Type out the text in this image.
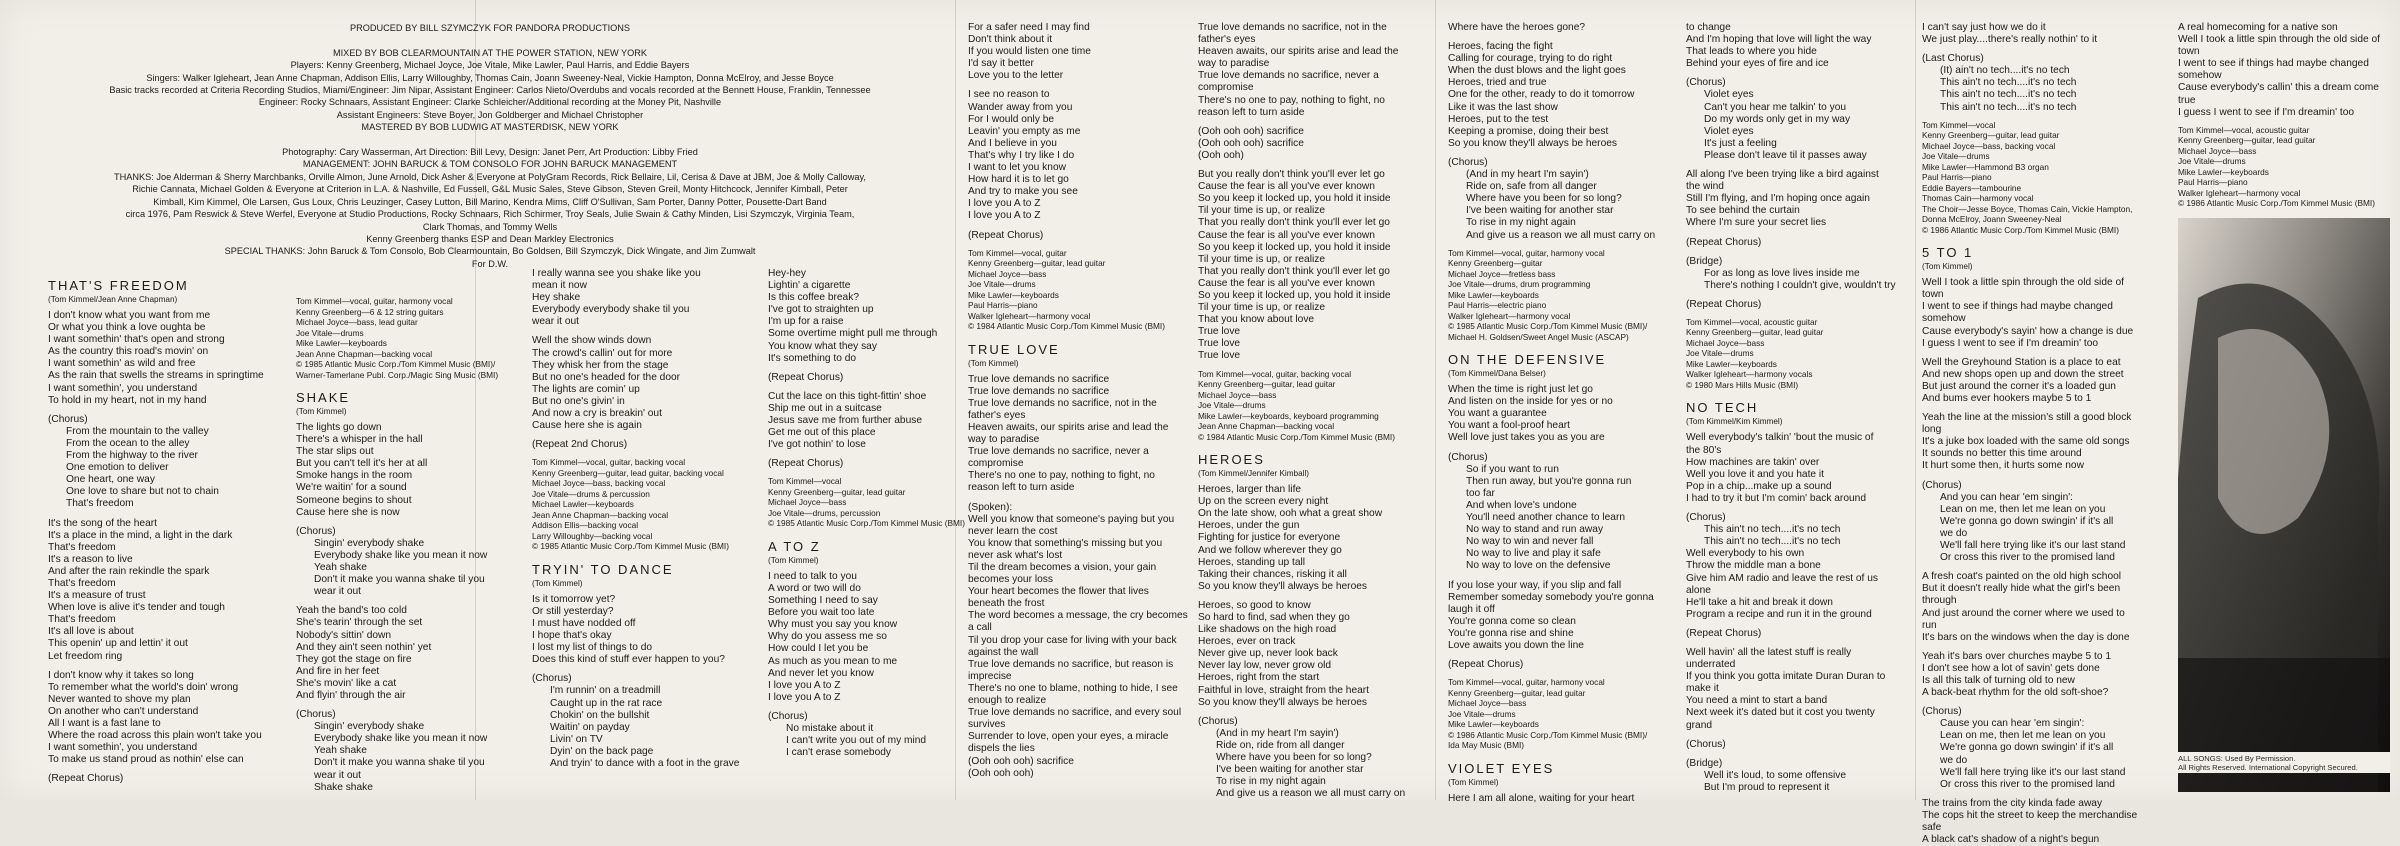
PRODUCED BY BILL SZYMCZYK FOR PANDORA PRODUCTIONS

MIXED BY BOB CLEARMOUNTAIN AT THE POWER STATION, NEW YORK
Players: Kenny Greenberg, Michael Joyce, Joe Vitale, Mike Lawler, Paul Harris, and Eddie Bayers
Singers: Walker Igleheart, Jean Anne Chapman, Addison Ellis, Larry Willoughby, Thomas Cain, Joann Sweeney-Neal, Vickie Hampton, Donna McElroy, and Jesse Boyce
Basic tracks recorded at Criteria Recording Studios, Miami/Engineer: Jim Nipar, Assistant Engineer: Carlos Nieto/Overdubs and vocals recorded at the Bennett House, Franklin, Tennessee
Engineer: Rocky Schnaars, Assistant Engineer: Clarke Schleicher/Additional recording at the Money Pit, Nashville
Assistant Engineers: Steve Boyer, Jon Goldberger and Michael Christopher
MASTERED BY BOB LUDWIG AT MASTERDISK, NEW YORK

Photography: Cary Wasserman, Art Direction: Bill Levy, Design: Janet Perr, Art Production: Libby Fried
MANAGEMENT: JOHN BARUCK & TOM CONSOLO FOR JOHN BARUCK MANAGEMENT
THANKS: Joe Alderman & Sherry Marchbanks, Orville Almon, June Arnold, Dick Asher & Everyone at PolyGram Records, Rick Bellaire, Lil, Cerisa & Dave at JBM, Joe & Molly Calloway,
Richie Cannata, Michael Golden & Everyone at Criterion in L.A. & Nashville, Ed Fussell, G&L Music Sales, Steve Gibson, Steven Greil, Monty Hitchcock, Jennifer Kimball, Peter
Kimball, Kim Kimmel, Ole Larsen, Gus Loux, Chris Leuzinger, Casey Lutton, Bill Marino, Kendra Mims, Cliff O'Sullivan, Sam Porter, Danny Potter, Pousette-Dart Band
circa 1976, Pam Reswick & Steve Werfel, Everyone at Studio Productions, Rocky Schnaars, Rich Schirmer, Troy Seals, Julie Swain & Cathy Minden, Lisi Szymczyk, Virginia Team,
Clark Thomas, and Tommy Wells
Kenny Greenberg thanks ESP and Dean Markley Electronics
SPECIAL THANKS: John Baruck & Tom Consolo, Bob Clearmountain, Bo Goldsen, Bill Szymczyk, Dick Wingate, and Jim Zumwalt
For D.W.
THAT'S FREEDOM
(Tom Kimmel/Jean Anne Chapman)
I don't know what you want from me
Or what you think a love oughta be
I want somethin' that's open and strong
As the country this road's movin' on
I want somethin' as wild and free
As the rain that swells the streams in springtime
I want somethin', you understand
To hold in my heart, not in my hand

(Chorus)
From the mountain to the valley
From the ocean to the alley
From the highway to the river
One emotion to deliver
One heart, one way
One love to share but not to chain
That's freedom

It's the song of the heart
It's a place in the mind, a light in the dark
That's freedom
It's a reason to live
And after the rain rekindle the spark
That's freedom
It's a measure of trust
When love is alive it's tender and tough
That's freedom
It's all love is about
This openin' up and lettin' it out
Let freedom ring

I don't know why it takes so long
To remember what the world's doin' wrong
Never wanted to shove my plan
On another who can't understand
All I want is a fast lane to
Where the road across this plain won't take you
I want somethin', you understand
To make us stand proud as nothin' else can

(Repeat Chorus)
Tom Kimmel—vocal, guitar, harmony vocal
Kenny Greenberg—6 & 12 string guitars
Michael Joyce—bass, lead guitar
Joe Vitale—drums
Mike Lawler—keyboards
Jean Anne Chapman—backing vocal
© 1985 Atlantic Music Corp./Tom Kimmel Music (BMI)/
Warner-Tamerlane Publ. Corp./Magic Sing Music (BMI)
SHAKE
(Tom Kimmel)
The lights go down
There's a whisper in the hall
The star slips out
But you can't tell it's her at all
Smoke hangs in the room
We're waitin' for a sound
Someone begins to shout
Cause here she is now

(Chorus)
Singin' everybody shake
Everybody shake like you mean it now
Yeah shake
Don't it make you wanna shake til you
wear it out

Yeah the band's too cold
She's tearin' through the set
Nobody's sittin' down
And they ain't seen nothin' yet
They got the stage on fire
And fire in her feet
She's movin' like a cat
And flyin' through the air

(Chorus)
Singin' everybody shake
Everybody shake like you mean it now
Yeah shake
Don't it make you wanna shake til you
wear it out
Shake shake
I really wanna see you shake like you
mean it now
Hey shake
Everybody everybody shake til you
wear it out

Well the show winds down
The crowd's callin' out for more
They whisk her from the stage
But no one's headed for the door
The lights are comin' up
But no one's givin' in
And now a cry is breakin' out
Cause here she is again

(Repeat 2nd Chorus)
Tom Kimmel—vocal, guitar, backing vocal
Kenny Greenberg—guitar, lead guitar, backing vocal
Michael Joyce—bass, backing vocal
Joe Vitale—drums & percussion
Michael Lawler—keyboards
Jean Anne Chapman—backing vocal
Addison Ellis—backing vocal
Larry Willoughby—backing vocal
© 1985 Atlantic Music Corp./Tom Kimmel Music (BMI)
TRYIN' TO DANCE
(Tom Kimmel)
Is it tomorrow yet?
Or still yesterday?
I must have nodded off
I hope that's okay
I lost my list of things to do
Does this kind of stuff ever happen to you?

(Chorus)
I'm runnin' on a treadmill
Caught up in the rat race
Chokin' on the bullshit
Waitin' on payday
Livin' on TV
Dyin' on the back page
And tryin' to dance with a foot in the grave
Hey-hey
Lightin' a cigarette
Is this coffee break?
I've got to straighten up
I'm up for a raise
Some overtime might pull me through
You know what they say
It's something to do

(Repeat Chorus)

Cut the lace on this tight-fittin' shoe
Ship me out in a suitcase
Jesus save me from further abuse
Get me out of this place
I've got nothin' to lose

(Repeat Chorus)
Tom Kimmel—vocal
Kenny Greenberg—guitar, lead guitar
Michael Joyce—bass
Joe Vitale—drums, percussion
© 1985 Atlantic Music Corp./Tom Kimmel Music (BMI)
A TO Z
(Tom Kimmel)
I need to talk to you
A word or two will do
Something I need to say
Before you wait too late
Why must you say you know
Why do you assess me so
How could I let you be
As much as you mean to me
And never let you know
I love you A to Z
I love you A to Z

(Chorus)
No mistake about it
I can't write you out of my mind
I can't erase somebody
For a safer need I may find
Don't think about it
If you would listen one time
I'd say it better
Love you to the letter

I see no reason to
Wander away from you
For I would only be
Leavin' you empty as me
And I believe in you
That's why I try like I do
I want to let you know
How hard it is to let go
And try to make you see
I love you A to Z
I love you A to Z

(Repeat Chorus)
Tom Kimmel—vocal, guitar
Kenny Greenberg—guitar, lead guitar
Michael Joyce—bass
Joe Vitale—drums
Mike Lawler—keyboards
Paul Harris—piano
Walker Igleheart—harmony vocal
© 1984 Atlantic Music Corp./Tom Kimmel Music (BMI)
TRUE LOVE
(Tom Kimmel)
True love demands no sacrifice
True love demands no sacrifice
True love demands no sacrifice, not in the
father's eyes
Heaven awaits, our spirits arise and lead the
way to paradise
True love demands no sacrifice, never a
compromise
There's no one to pay, nothing to fight, no
reason left to turn aside

(Spoken):
Well you know that someone's paying but you
never learn the cost
You know that something's missing but you
never ask what's lost
Til the dream becomes a vision, your gain
becomes your loss
Your heart becomes the flower that lives
beneath the frost
The word becomes a message, the cry becomes
a call
Til you drop your case for living with your back
against the wall
True love demands no sacrifice, but reason is
imprecise
There's no one to blame, nothing to hide, I see
enough to realize
True love demands no sacrifice, and every soul
survives
Surrender to love, open your eyes, a miracle
dispels the lies
(Ooh ooh ooh) sacrifice
(Ooh ooh ooh)
True love demands no sacrifice, not in the
father's eyes
Heaven awaits, our spirits arise and lead the
way to paradise
True love demands no sacrifice, never a
compromise
There's no one to pay, nothing to fight, no
reason left to turn aside

(Ooh ooh ooh) sacrifice
(Ooh ooh ooh) sacrifice
(Ooh ooh)

But you really don't think you'll ever let go
Cause the fear is all you've ever known
So you keep it locked up, you hold it inside
Til your time is up, or realize
That you really don't think you'll ever let go
Cause the fear is all you've ever known
So you keep it locked up, you hold it inside
Til your time is up, or realize
That you really don't think you'll ever let go
Cause the fear is all you've ever known
So you keep it locked up, you hold it inside
Til your time is up, or realize
That you know about love
True love
True love
True love
Tom Kimmel—vocal, guitar, backing vocal
Kenny Greenberg—guitar, lead guitar
Michael Joyce—bass
Joe Vitale—drums
Mike Lawler—keyboards, keyboard programming
Jean Anne Chapman—backing vocal
© 1984 Atlantic Music Corp./Tom Kimmel Music (BMI)
HEROES
(Tom Kimmel/Jennifer Kimball)
Heroes, larger than life
Up on the screen every night
On the late show, ooh what a great show
Heroes, under the gun
Fighting for justice for everyone
And we follow wherever they go
Heroes, standing up tall
Taking their chances, risking it all
So you know they'll always be heroes

Heroes, so good to know
So hard to find, sad when they go
Like shadows on the high road
Heroes, ever on track
Never give up, never look back
Never lay low, never grow old
Heroes, right from the start
Faithful in love, straight from the heart
So you know they'll always be heroes

(Chorus)
(And in my heart I'm sayin')
Ride on, ride from all danger
Where have you been for so long?
I've been waiting for another star
To rise in my night again
And give us a reason we all must carry on
Where have the heroes gone?

Heroes, facing the fight
Calling for courage, trying to do right
When the dust blows and the light goes
Heroes, tried and true
One for the other, ready to do it tomorrow
Like it was the last show
Heroes, put to the test
Keeping a promise, doing their best
So you know they'll always be heroes

(Chorus)
(And in my heart I'm sayin')
Ride on, safe from all danger
Where have you been for so long?
I've been waiting for another star
To rise in my night again
And give us a reason we all must carry on
Tom Kimmel—vocal, guitar, harmony vocal
Kenny Greenberg—guitar
Michael Joyce—fretless bass
Joe Vitale—drums, drum programming
Mike Lawler—keyboards
Paul Harris—electric piano
Walker Igleheart—harmony vocal
© 1985 Atlantic Music Corp./Tom Kimmel Music (BMI)/
Michael H. Goldsen/Sweet Angel Music (ASCAP)
ON THE DEFENSIVE
(Tom Kimmel/Dana Belser)
When the time is right just let go
And listen on the inside for yes or no
You want a guarantee
You want a fool-proof heart
Well love just takes you as you are

(Chorus)
So if you want to run
Then run away, but you're gonna run
too far
And when love's undone
You'll need another chance to learn
No way to stand and run away
No way to win and never fall
No way to live and play it safe
No way to love on the defensive

If you lose your way, if you slip and fall
Remember someday somebody you're gonna
laugh it off
You're gonna come so clean
You're gonna rise and shine
Love awaits you down the line

(Repeat Chorus)
Tom Kimmel—vocal, guitar, harmony vocal
Kenny Greenberg—guitar, lead guitar
Michael Joyce—bass
Joe Vitale—drums
Mike Lawler—keyboards
© 1986 Atlantic Music Corp./Tom Kimmel Music (BMI)/
Ida May Music (BMI)
VIOLET EYES
(Tom Kimmel)
Here I am all alone, waiting for your heart
to change
And I'm hoping that love will light the way
That leads to where you hide
Behind your eyes of fire and ice

(Chorus)
Violet eyes
Can't you hear me talkin' to you
Do my words only get in my way
Violet eyes
It's just a feeling
Please don't leave til it passes away

All along I've been trying like a bird against
the wind
Still I'm flying, and I'm hoping once again
To see behind the curtain
Where I'm sure your secret lies

(Repeat Chorus)

(Bridge)
For as long as love lives inside me
There's nothing I couldn't give, wouldn't try

(Repeat Chorus)
Tom Kimmel—vocal, acoustic guitar
Kenny Greenberg—guitar, lead guitar
Michael Joyce—bass
Joe Vitale—drums
Mike Lawler—keyboards
Walker Igleheart—harmony vocals
© 1980 Mars Hills Music (BMI)
NO TECH
(Tom Kimmel/Kim Kimmel)
Well everybody's talkin' 'bout the music of
the 80's
How machines are takin' over
Well you love it and you hate it
Pop in a chip...make up a sound
I had to try it but I'm comin' back around

(Chorus)
This ain't no tech....it's no tech
This ain't no tech....it's no tech
Well everybody to his own
Throw the middle man a bone
Give him AM radio and leave the rest of us
alone
He'll take a hit and break it down
Program a recipe and run it in the ground

(Repeat Chorus)

Well havin' all the latest stuff is really
underrated
If you think you gotta imitate Duran Duran to
make it
You need a mint to start a band
Next week it's dated but it cost you twenty
grand

(Chorus)

(Bridge)
Well it's loud, to some offensive
But I'm proud to represent it
I can't say just how we do it
We just play....there's really nothin' to it

(Last Chorus)
(It) ain't no tech....it's no tech
This ain't no tech....it's no tech
This ain't no tech....it's no tech
This ain't no tech....it's no tech
Tom Kimmel—vocal
Kenny Greenberg—guitar, lead guitar
Michael Joyce—bass, backing vocal
Joe Vitale—drums
Mike Lawler—Hammond B3 organ
Paul Harris—piano
Eddie Bayers—tambourine
Thomas Cain—harmony vocal
The Choir—Jesse Boyce, Thomas Cain, Vickie Hampton,
Donna McElroy, Joann Sweeney-Neal
© 1986 Atlantic Music Corp./Tom Kimmel Music (BMI)
5 TO 1
(Tom Kimmel)
Well I took a little spin through the old side of
town
I went to see if things had maybe changed
somehow
Cause everybody's sayin' how a change is due
I guess I went to see if I'm dreamin' too

Well the Greyhound Station is a place to eat
And new shops open up and down the street
But just around the corner it's a loaded gun
And bums ever hookers maybe 5 to 1

Yeah the line at the mission's still a good block
long
It's a juke box loaded with the same old songs
It sounds no better this time around
It hurt some then, it hurts some now

(Chorus)
And you can hear 'em singin':
Lean on me, then let me lean on you
We're gonna go down swingin' if it's all
we do
We'll fall here trying like it's our last stand
Or cross this river to the promised land

A fresh coat's painted on the old high school
But it doesn't really hide what the girl's been
through
And just around the corner where we used to
run
It's bars on the windows when the day is done

Yeah it's bars over churches maybe 5 to 1
I don't see how a lot of savin' gets done
Is all this talk of turning old to new
A back-beat rhythm for the old soft-shoe?

(Chorus)
Cause you can hear 'em singin':
Lean on me, then let me lean on you
We're gonna go down swingin' if it's all
we do
We'll fall here trying like it's our last stand
Or cross this river to the promised land

The trains from the city kinda fade away
The cops hit the street to keep the merchandise
safe
A black cat's shadow of a night's begun
A real homecoming for a native son
Well I took a little spin through the old side of
town
I went to see if things had maybe changed
somehow
Cause everybody's callin' this a dream come
true
I guess I went to see if I'm dreamin' too
Tom Kimmel—vocal, acoustic guitar
Kenny Greenberg—guitar, lead guitar
Michael Joyce—bass
Joe Vitale—drums
Mike Lawler—keyboards
Paul Harris—piano
Walker Igleheart—harmony vocal
© 1986 Atlantic Music Corp./Tom Kimmel Music (BMI)
ALL SONGS: Used By Permission.
All Rights Reserved. International Copyright Secured.
